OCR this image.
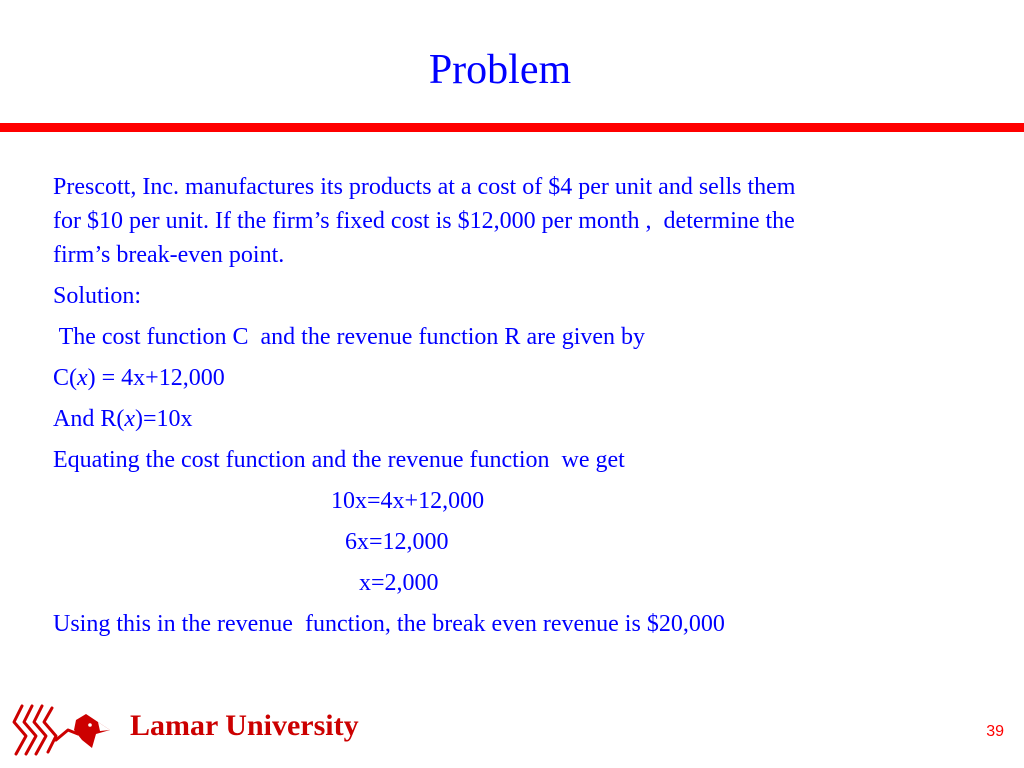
Problem
Prescott, Inc. manufactures its products at a cost of $4 per unit and sells them
for $10 per unit. If the firm’s fixed cost is $12,000 per month ,  determine the
firm’s break-even point.
Solution:
The cost function C  and the revenue function R are given by
C(x) = 4x+12,000
And R(x)=10x
Equating the cost function and the revenue function  we get
10x=4x+12,000
6x=12,000
x=2,000
Using this in the revenue  function, the break even revenue is $20,000
Lamar University	39
